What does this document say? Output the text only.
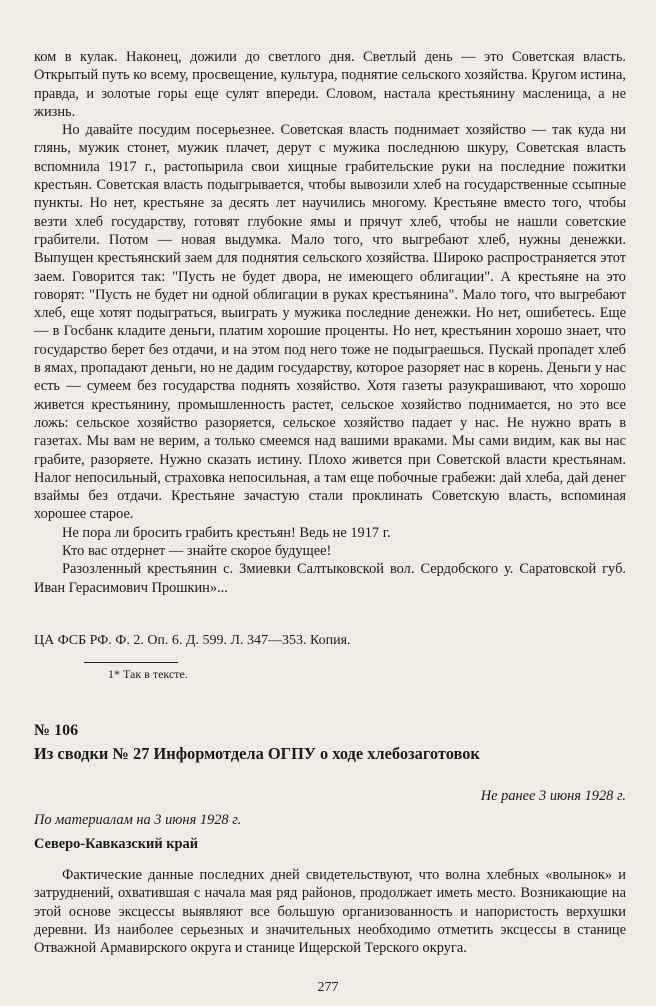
ком в кулак. Наконец, дожили до светлого дня. Светлый день — это Советская власть. Открытый путь ко всему, просвещение, культура, поднятие сельского хозяйства. Кругом истина, правда, и золотые горы еще сулят впереди. Словом, настала крестьянину масленица, а не жизнь.

Но давайте посудим посерьезнее. Советская власть поднимает хозяйство — так куда ни глянь, мужик стонет, мужик плачет, дерут с мужика последнюю шкуру, Советская власть вспомнила 1917 г., растопырила свои хищные грабительские руки на последние пожитки крестьян. Советская власть подыгрывается, чтобы вывозили хлеб на государственные ссыпные пункты. Но нет, крестьяне за десять лет научились многому. Крестьяне вместо того, чтобы везти хлеб государству, готовят глубокие ямы и прячут хлеб, чтобы не нашли советские грабители. Потом — новая выдумка. Мало того, что выгребают хлеб, нужны денежки. Выпущен крестьянский заем для поднятия сельского хозяйства. Широко распространяется этот заем. Говорится так: "Пусть не будет двора, не имеющего облигации". А крестьяне на это говорят: "Пусть не будет ни одной облигации в руках крестьянина". Мало того, что выгребают хлеб, еще хотят подыграться, выиграть у мужика последние денежки. Но нет, ошибетесь. Еще — в Госбанк кладите деньги, платим хорошие проценты. Но нет, крестьянин хорошо знает, что государство берет без отдачи, и на этом под него тоже не подыграешься. Пускай пропадет хлеб в ямах, пропадают деньги, но не дадим государству, которое разоряет нас в корень. Деньги у нас есть — сумеем без государства поднять хозяйство. Хотя газеты разукрашивают, что хорошо живется крестьянину, промышленность растет, сельское хозяйство поднимается, но это все ложь: сельское хозяйство разоряется, сельское хозяйство падает у нас. Не нужно врать в газетах. Мы вам не верим, а только смеемся над вашими враками. Мы сами видим, как вы нас грабите, разоряете. Нужно сказать истину. Плохо живется при Советской власти крестьянам. Налог непосильный, страховка непосильная, а там еще побочные грабежи: дай хлеба, дай денег взаймы без отдачи. Крестьяне зачастую стали проклинать Советскую власть, вспоминая хорошее старое.

Не пора ли бросить грабить крестьян! Ведь не 1917 г.

Кто вас отдернет — знайте скорое будущее!

Разозленный крестьянин с. Змиевки Салтыковской вол. Сердобского у. Саратовской губ. Иван Герасимович Прошкин»...

ЦА ФСБ РФ. Ф. 2. Оп. 6. Д. 599. Л. 347—353. Копия.
1* Так в тексте.
№ 106
Из сводки № 27 Информотдела ОГПУ о ходе хлебозаготовок
Не ранее 3 июня 1928 г.
По материалам на 3 июня 1928 г.
Северо-Кавказский край

Фактические данные последних дней свидетельствуют, что волна хлебных «волынок» и затруднений, охватившая с начала мая ряд районов, продолжает иметь место. Возникающие на этой основе эксцессы выявляют все большую организованность и напористость верхушки деревни. Из наиболее серьезных и значительных необходимо отметить эксцессы в станице Отважной Армавирского округа и станице Ищерской Терского округа.

277
